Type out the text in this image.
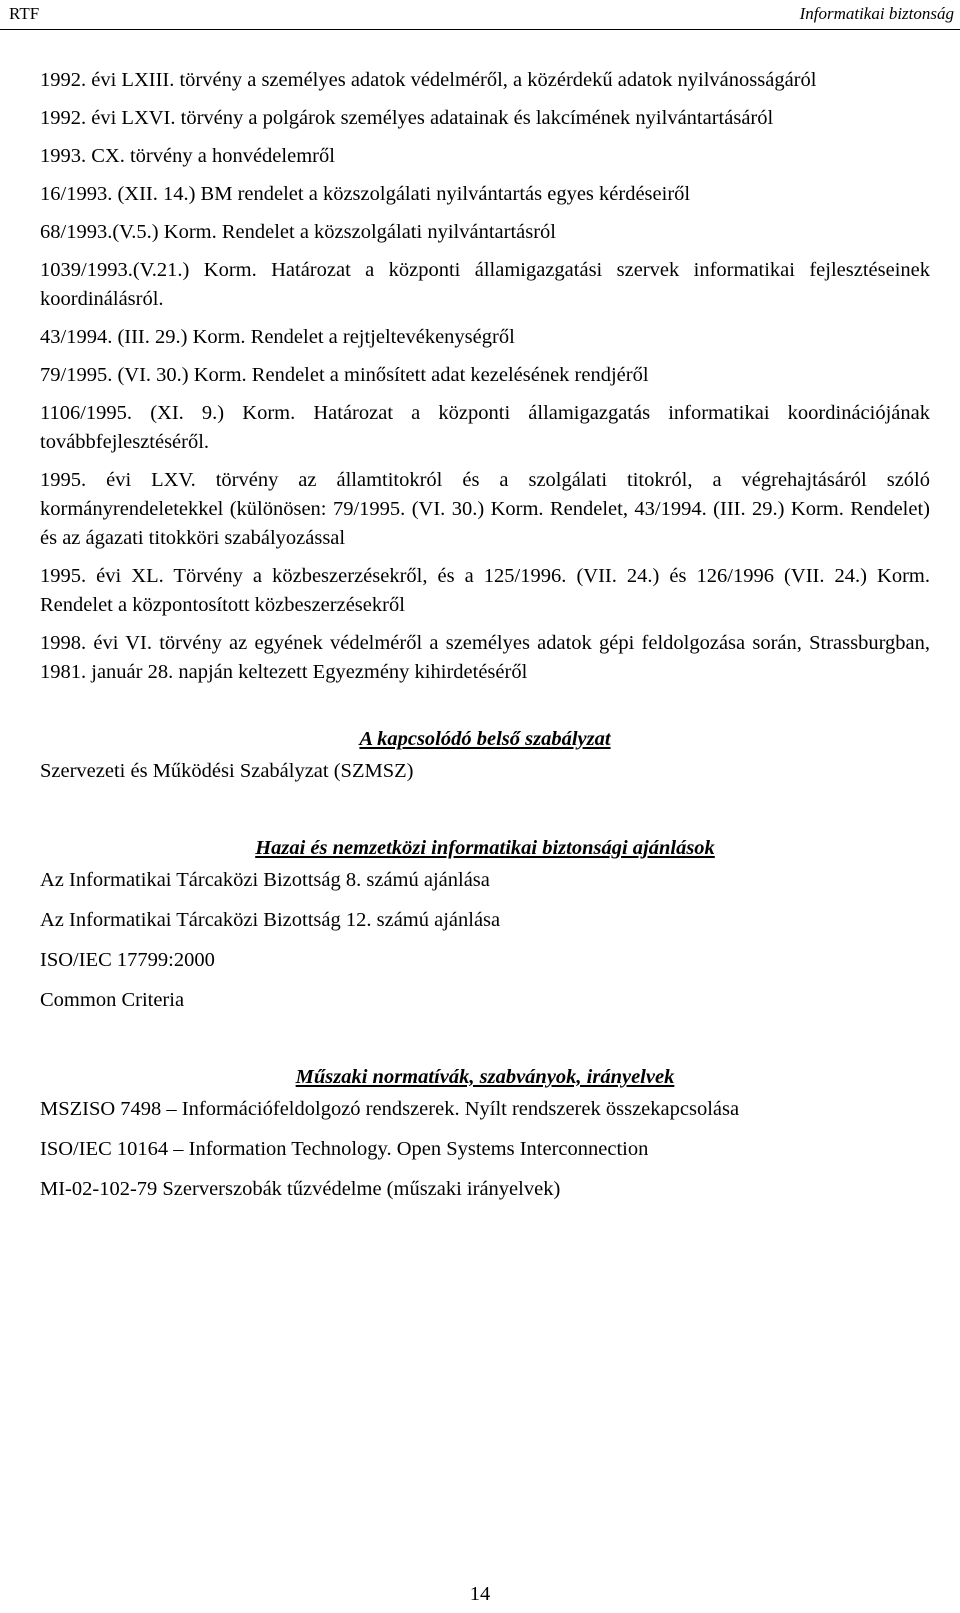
RTF	Informatikai biztonság

1992. évi LXIII. törvény a személyes adatok védelméről, a közérdekű adatok nyilvánosságáról

1992. évi LXVI. törvény a polgárok személyes adatainak és lakcímének nyilvántartásáról

1993. CX. törvény a honvédelemről

16/1993. (XII. 14.) BM rendelet a közszolgálati nyilvántartás egyes kérdéseiről

68/1993.(V.5.) Korm. Rendelet a közszolgálati nyilvántartásról

1039/1993.(V.21.) Korm. Határozat a központi államigazgatási szervek informatikai fejlesztéseinek koordinálásról.

43/1994. (III. 29.) Korm. Rendelet a rejtjeltevékenységről

79/1995. (VI. 30.) Korm. Rendelet a minősített adat kezelésének rendjéről

1106/1995. (XI. 9.) Korm. Határozat a központi államigazgatás informatikai koordinációjának továbbfejlesztéséről.

1995. évi LXV. törvény az államtitokról és a szolgálati titokról, a végrehajtásáról szóló kormányrendeletekkel (különösen: 79/1995. (VI. 30.) Korm. Rendelet, 43/1994. (III. 29.) Korm. Rendelet) és az ágazati titokköri szabályozással

1995. évi XL. Törvény a közbeszerzésekről, és a 125/1996. (VII. 24.) és 126/1996 (VII. 24.) Korm. Rendelet a központosított közbeszerzésekről

1998. évi VI. törvény az egyének védelméről a személyes adatok gépi feldolgozása során, Strassburgban, 1981. január 28. napján keltezett Egyezmény kihirdetéséről

A kapcsolódó belső szabályzat

Szervezeti és Működési Szabályzat (SZMSZ)

Hazai és nemzetközi informatikai biztonsági ajánlások

Az Informatikai Tárcaközi Bizottság 8. számú ajánlása

Az Informatikai Tárcaközi Bizottság 12. számú ajánlása

ISO/IEC 17799:2000

Common Criteria

Műszaki normatívák, szabványok, irányelvek

MSZISO 7498 – Információfeldolgozó rendszerek. Nyílt rendszerek összekapcsolása

ISO/IEC 10164 – Information Technology. Open Systems Interconnection

MI-02-102-79 Szerverszobák tűzvédelme (műszaki irányelvek)

14
